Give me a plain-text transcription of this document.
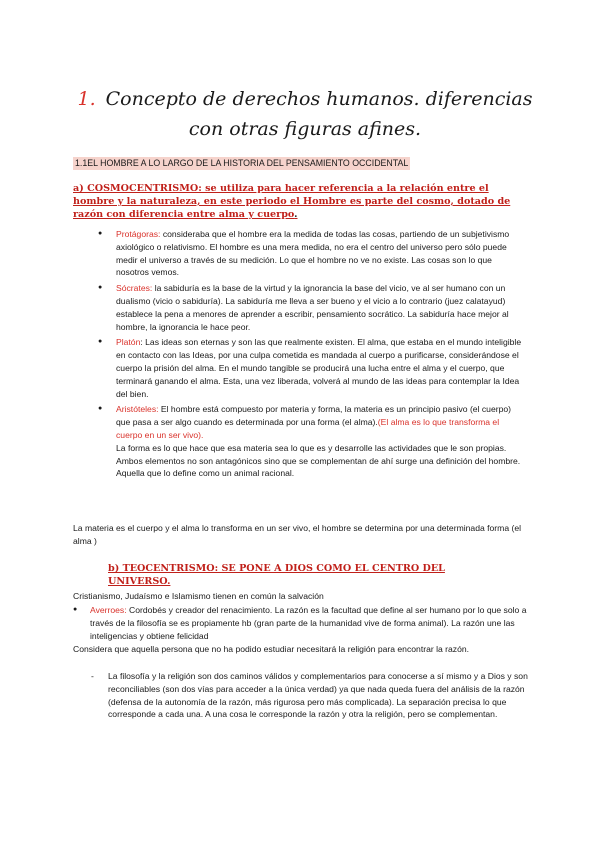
1. Concepto de derechos humanos. diferencias con otras figuras afines.
1.1EL HOMBRE A LO LARGO DE LA HISTORIA DEL PENSAMIENTO OCCIDENTAL
a) COSMOCENTRISMO: se utiliza para hacer referencia a la relación entre el hombre y la naturaleza, en este periodo el Hombre es parte del cosmo, dotado de razón con diferencia entre alma y cuerpo.
● Protágoras: consideraba que el hombre era la medida de todas las cosas, partiendo de un subjetivismo axiológico o relativismo. El hombre es una mera medida, no era el centro del universo pero sólo puede medir el universo a través de su medición. Lo que el hombre no ve no existe. Las cosas son lo que nosotros vemos.
● Sócrates: la sabiduría es la base de la virtud y la ignorancia la base del vicio, ve al ser humano con un dualismo (vicio o sabiduría). La sabiduría me lleva a ser bueno y el vicio a lo contrario (juez calatayud) establece la pena a menores de aprender a escribir, pensamiento socrático. La sabiduría hace mejor al hombre, la ignorancia le hace peor.
● Platón: Las ideas son eternas y son las que realmente existen. El alma, que estaba en el mundo inteligible en contacto con las Ideas, por una culpa cometida es mandada al cuerpo a purificarse, considerándose el cuerpo la prisión del alma. En el mundo tangible se producirá una lucha entre el alma y el cuerpo, que terminará ganando el alma. Esta, una vez liberada, volverá al mundo de las ideas para contemplar la Idea del bien.
● Aristóteles: El hombre está compuesto por materia y forma, la materia es un principio pasivo (el cuerpo) que pasa a ser algo cuando es determinada por una forma (el alma).(El alma es lo que transforma el cuerpo en un ser vivo).
La forma es lo que hace que esa materia sea lo que es y desarrolle las actividades que le son propias. Ambos elementos no son antagónicos sino que se complementan de ahí surge una definición del hombre. Aquella que lo define como un animal racional.
La materia es el cuerpo y el alma lo transforma en un ser vivo, el hombre se determina por una determinada forma (el alma )
b) TEOCENTRISMO: SE PONE A DIOS COMO EL CENTRO DEL UNIVERSO.
Cristianismo, Judaísmo e Islamismo tienen en común la salvación
● Averroes: Cordobés y creador del renacimiento. La razón es la facultad que define al ser humano por lo que solo a través de la filosofía se es propiamente hb (gran parte de la humanidad vive de forma animal). La razón une las inteligencias y obtiene felicidad
Considera que aquella persona que no ha podido estudiar necesitará la religión para encontrar la razón.
- La filosofía y la religión son dos caminos válidos y complementarios para conocerse a sí mismo y a Dios y son reconciliables (son dos vías para acceder a la única verdad) ya que nada queda fuera del análisis de la razón (defensa de la autonomía de la razón, más rigurosa pero más complicada). La separación precisa lo que corresponde a cada una. A una cosa le corresponde la razón y otra la religión, pero se complementan.
